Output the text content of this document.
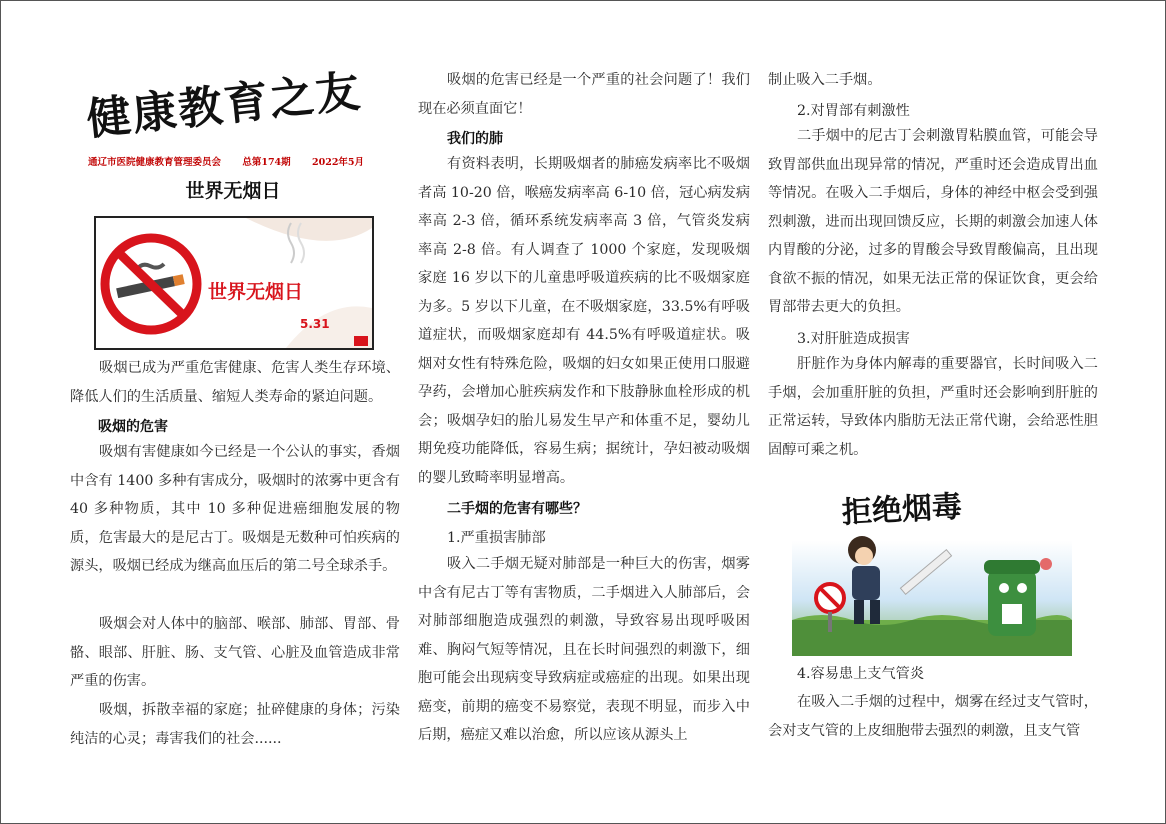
健康教育之友
通辽市医院健康教育管理委员会 总第174期 2022年5月
世界无烟日
世界无烟日
5.31

吸烟已成为严重危害健康、危害人类生存环境、降低人们的生活质量、缩短人类寿命的紧迫问题。

吸烟的危害

吸烟有害健康如今已经是一个公认的事实，香烟中含有 1400 多种有害成分，吸烟时的浓雾中更含有 40 多种物质，其中 10 多种促进癌细胞发展的物质，危害最大的是尼古丁。吸烟是无数种可怕疾病的源头，吸烟已经成为继高血压后的第二号全球杀手。

吸烟会对人体中的脑部、喉部、肺部、胃部、骨骼、眼部、肝脏、肠、支气管、心脏及血管造成非常严重的伤害。

吸烟，拆散幸福的家庭；扯碎健康的身体；污染纯洁的心灵；毒害我们的社会......

吸烟的危害已经是一个严重的社会问题了！我们现在必须直面它！

我们的肺

有资料表明，长期吸烟者的肺癌发病率比不吸烟者高 10-20 倍，喉癌发病率高 6-10 倍，冠心病发病率高 2-3 倍，循环系统发病率高 3 倍，气管炎发病率高 2-8 倍。有人调查了 1000 个家庭，发现吸烟家庭 16 岁以下的儿童患呼吸道疾病的比不吸烟家庭为多。5 岁以下儿童，在不吸烟家庭，33.5%有呼吸道症状，而吸烟家庭却有 44.5%有呼吸道症状。吸烟对女性有特殊危险，吸烟的妇女如果正使用口服避孕药，会增加心脏疾病发作和下肢静脉血栓形成的机会；吸烟孕妇的胎儿易发生早产和体重不足，婴幼儿期免疫功能降低，容易生病；据统计，孕妇被动吸烟的婴儿致畸率明显增高。

二手烟的危害有哪些？

1.严重损害肺部

吸入二手烟无疑对肺部是一种巨大的伤害，烟雾中含有尼古丁等有害物质，二手烟进入人肺部后，会对肺部细胞造成强烈的刺激，导致容易出现呼吸困难、胸闷气短等情况，且在长时间强烈的刺激下，细胞可能会出现病变导致病症或癌症的出现。如果出现癌变，前期的癌变不易察觉，表现不明显，而步入中后期，癌症又难以治愈，所以应该从源头上

制止吸入二手烟。

2.对胃部有刺激性

二手烟中的尼古丁会刺激胃粘膜血管，可能会导致胃部供血出现异常的情况，严重时还会造成胃出血等情况。在吸入二手烟后，身体的神经中枢会受到强烈刺激，进而出现回馈反应，长期的刺激会加速人体内胃酸的分泌，过多的胃酸会导致胃酸偏高，且出现食欲不振的情况，如果无法正常的保证饮食，更会给胃部带去更大的负担。

3.对肝脏造成损害

肝脏作为身体内解毒的重要器官，长时间吸入二手烟，会加重肝脏的负担，严重时还会影响到肝脏的正常运转，导致体内脂肪无法正常代谢，会给恶性胆固醇可乘之机。

拒绝烟毒

4.容易患上支气管炎

在吸入二手烟的过程中，烟雾在经过支气管时，会对支气管的上皮细胞带去强烈的刺激，且支气管
